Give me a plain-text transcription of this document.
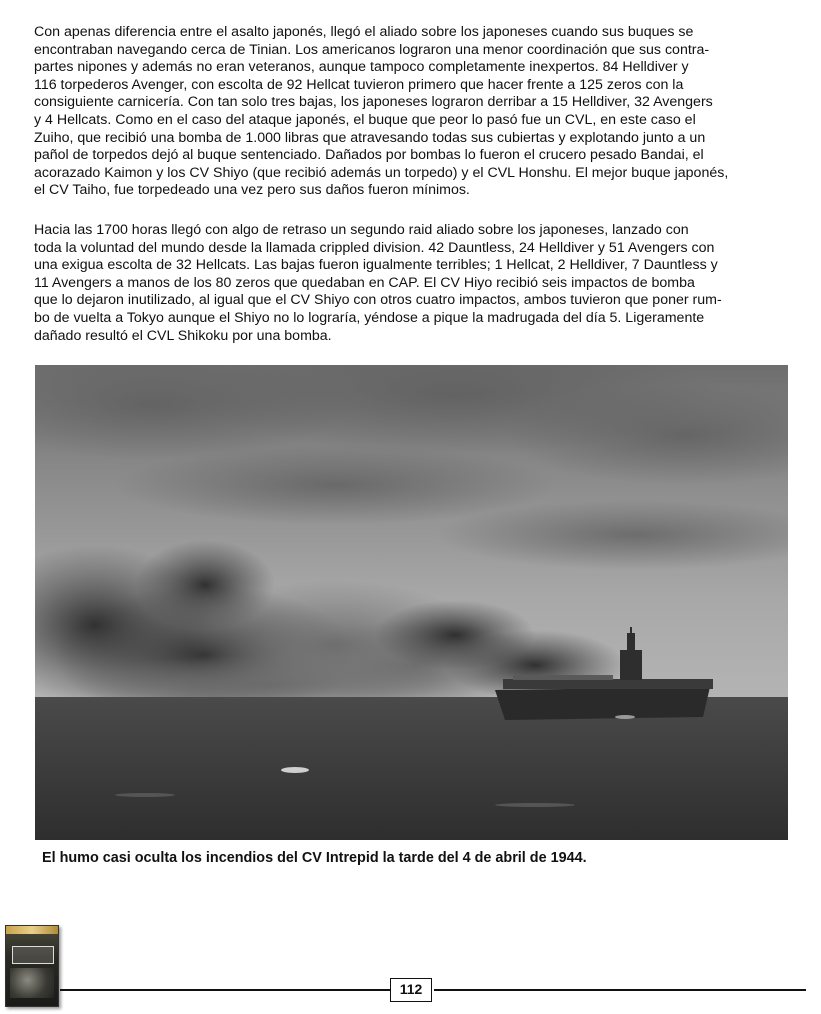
Con apenas diferencia entre el asalto japonés, llegó el aliado sobre los japoneses cuando sus buques se
encontraban navegando cerca de Tinian. Los americanos lograron una menor coordinación que sus contra-
partes nipones y además no eran veteranos, aunque tampoco completamente inexpertos. 84 Helldiver y
116 torpederos Avenger, con escolta de 92 Hellcat tuvieron primero que hacer frente a 125 zeros con la
consiguiente carnicería. Con tan solo tres bajas, los japoneses lograron derribar a 15 Helldiver, 32 Avengers
y 4 Hellcats. Como en el caso del ataque japonés, el buque que peor lo pasó fue un CVL, en este caso el
Zuiho, que recibió una bomba de 1.000 libras que atravesando todas sus cubiertas y explotando junto a un
pañol de torpedos dejó al buque sentenciado. Dañados por bombas lo fueron el crucero pesado Bandai, el
acorazado Kaimon y los CV Shiyo (que recibió además un torpedo) y el CVL Honshu. El mejor buque japonés,
el CV Taiho, fue torpedeado una vez pero sus daños fueron mínimos.
Hacia las 1700 horas llegó con algo de retraso un segundo raid aliado sobre los japoneses, lanzado con
toda la voluntad del mundo desde la llamada crippled division. 42 Dauntless, 24 Helldiver y 51 Avengers con
una exigua escolta de 32 Hellcats. Las bajas fueron igualmente terribles; 1 Hellcat, 2 Helldiver, 7 Dauntless y
11 Avengers a manos de los 80 zeros que quedaban en CAP. El CV Hiyo recibió seis impactos de bomba
que lo dejaron inutilizado, al igual que el CV Shiyo con otros cuatro impactos, ambos tuvieron que poner rum-
bo de vuelta a Tokyo aunque el Shiyo no lo lograría, yéndose a pique la madrugada del día 5. Ligeramente
dañado resultó el CVL Shikoku por una bomba.
El humo casi oculta los incendios del CV Intrepid la tarde del 4 de abril de 1944.
112
